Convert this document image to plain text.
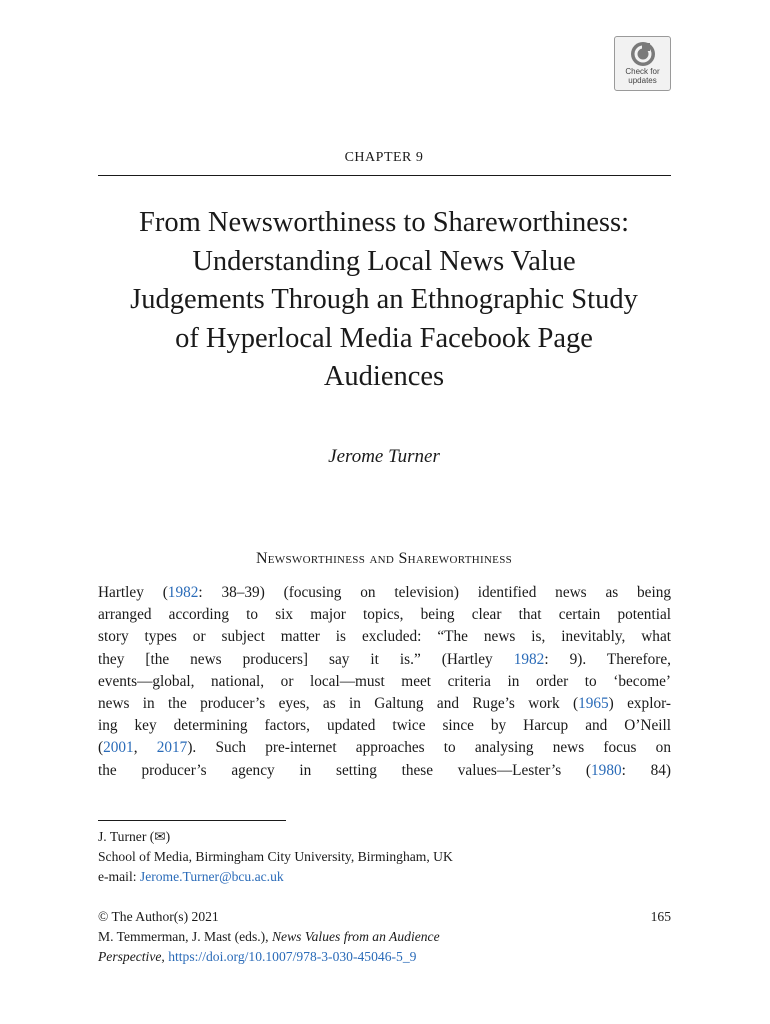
Check for
updates
CHAPTER 9
From Newsworthiness to Shareworthiness:
Understanding Local News Value
Judgements Through an Ethnographic Study
of Hyperlocal Media Facebook Page
Audiences
Jerome Turner
Newsworthiness and Shareworthiness
Hartley (1982: 38–39) (focusing on television) identified news as being
arranged according to six major topics, being clear that certain potential
story types or subject matter is excluded: “The news is, inevitably, what
they [the news producers] say it is.” (Hartley 1982: 9). Therefore,
events—global, national, or local—must meet criteria in order to ‘become’
news in the producer’s eyes, as in Galtung and Ruge’s work (1965) explor-
ing key determining factors, updated twice since by Harcup and O’Neill
(2001, 2017). Such pre-internet approaches to analysing news focus on
the producer’s agency in setting these values—Lester’s (1980: 84)
J. Turner (✉)
School of Media, Birmingham City University, Birmingham, UK
e-mail: Jerome.Turner@bcu.ac.uk
© The Author(s) 2021
M. Temmerman, J. Mast (eds.), News Values from an Audience
Perspective, https://doi.org/10.1007/978-3-030-45046-5_9
165
